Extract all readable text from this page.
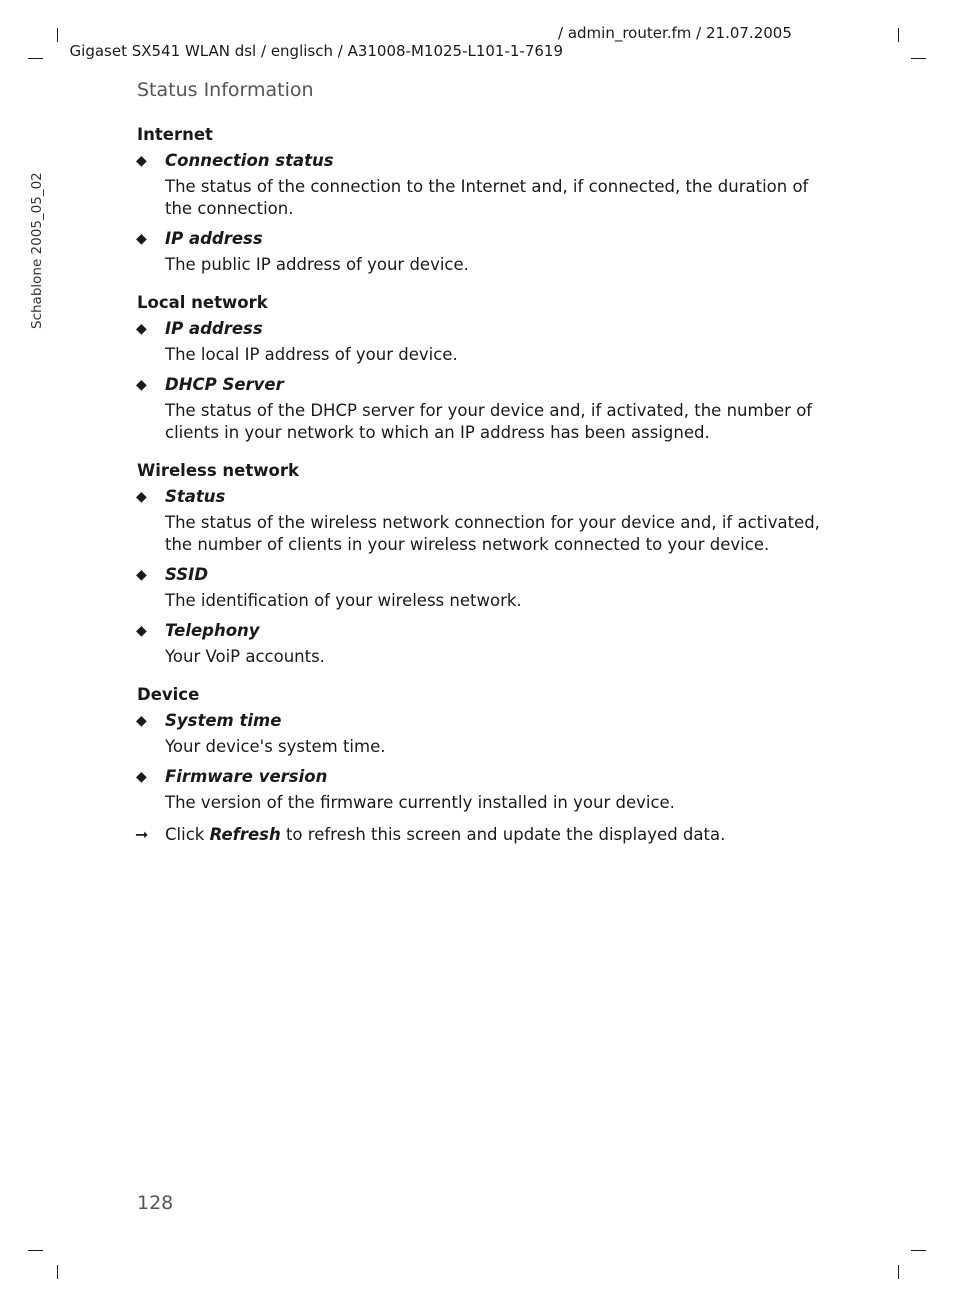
Gigaset SX541 WLAN dsl / englisch / A31008-M1025-L101-1-7619

/ admin_router.fm / 21.07.2005

Schablone 2005_05_02
Status Information
Internet
◆ Connection status
The status of the connection to the Internet and, if connected, the duration of the connection.
◆ IP address
The public IP address of your device.
Local network
◆ IP address
The local IP address of your device.
◆ DHCP Server
The status of the DHCP server for your device and, if activated, the number of clients in your network to which an IP address has been assigned.
Wireless network
◆ Status
The status of the wireless network connection for your device and, if activated, the number of clients in your wireless network connected to your device.
◆ SSID
The identification of your wireless network.
◆ Telephony
Your VoiP accounts.
Device
◆ System time
Your device's system time.
◆ Firmware version
The version of the firmware currently installed in your device.
➞ Click Refresh to refresh this screen and update the displayed data.
128
